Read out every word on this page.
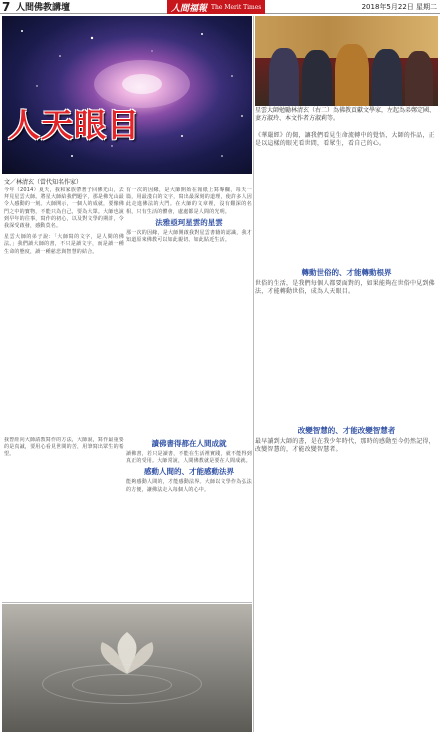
7 人間佛教講壇	人間福報 The Merit Times	2018年5月22日 星期二
人天眼目	星雲大師勉勵林清玄（右二）為佛教貢獻文學家，左起為弟鄭定國、妻方淑玲、本文作者方淑莉等。
文／林清玄（當代知名作家）
今年（2014）夏天，我和家族帶著子回佛光山，去拜見星雲大師。將星大師給我們題字，那是佛光山最令人感動的一刻。大師開示，一個人的成就，要像佛門之中的寶物，不能只為自己，要為大眾。大師也說到早年的往事，寫作的初心，以及對文學的期許，令我深受啟發，感動莫名。
星雲大師的弟子說：「大師寫的文字，是人間的佛法。」我們讀大師的書，不只是讀文字，而是讀一種生命的態度，讀一種慈悲與智慧的結合。
有一次的因緣，是大師開始在報紙上寫專欄，每天一篇，用最淺白的文字，寫出最深刻的道理，使許多人因此走進佛法的大門。在大師的文章裡，沒有艱深的名相，只有生活的體會，處處都是人間的光明。
法雅亟珂星雲的星雲
那一次的因緣，是大師開啟我對星雲書籍的認識，我才知道原來佛教可以如此親切、如此貼近生活。
《華嚴經》的偈，讓我們看見生命流轉中的覺悟，大師的作品，正是以這樣的眼光看世間，看眾生，看自己的心。
轉動世俗的、才能轉動根界
世俗的生活，是我們每個人都要面對的，如果能夠在世俗中見到佛法，才能轉動世俗，成為人天眼目。
改變智慧的、才能改變智慧者
最早讀到大師的書，是在我少年時代，那時的感動至今仍然記得，改變智慧的，才能改變智慧者。
讀佛書得都在人間成就
讀佛書，若只是讀書，不能在生活裡實踐，就不能得到真正的受用。大師常說，人間佛教就是要在人間成就。
感動人間的、才能感動法界
能夠感動人間的，才能感動法界。大師以文學作為弘法的方便，讓佛法走入每個人的心中。
我曾經向大師請教寫作的方法，大師說，寫作最重要的是真誠，要用心看見世間的苦，用筆寫出眾生的希望。
